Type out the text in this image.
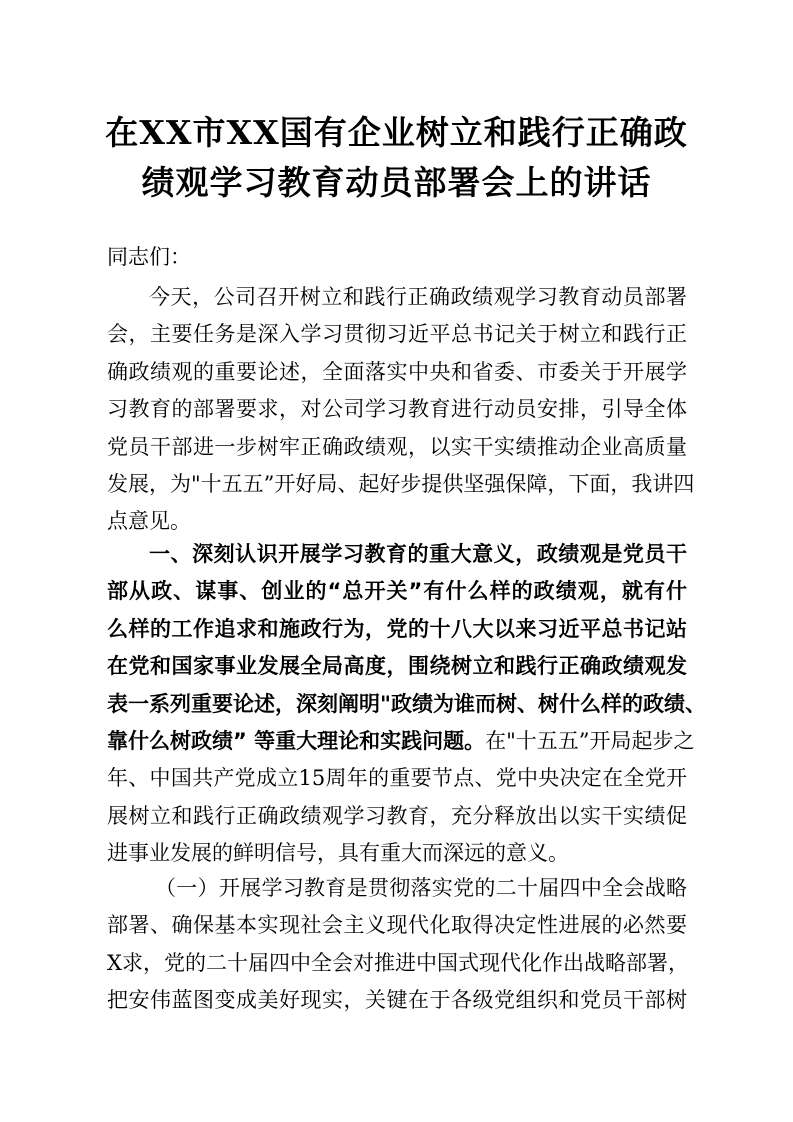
在XX市XX国有企业树立和践行正确政
绩观学习教育动员部署会上的讲话
同志们：
今天，公司召开树立和践行正确政绩观学习教育动员部署
会，主要任务是深入学习贯彻习近平总书记关于树立和践行正
确政绩观的重要论述，全面落实中央和省委、市委关于开展学
习教育的部署要求，对公司学习教育进行动员安排，引导全体
党员干部进一步树牢正确政绩观，以实干实绩推动企业高质量
发展，为"十五五”开好局、起好步提供坚强保障，下面，我讲四
点意见。
一、深刻认识开展学习教育的重大意义，政绩观是党员干
部从政、谋事、创业的“总开关”有什么样的政绩观，就有什
么样的工作追求和施政行为，党的十八大以来习近平总书记站
在党和国家事业发展全局高度，围绕树立和践行正确政绩观发
表一系列重要论述，深刻阐明"政绩为谁而树、树什么样的政绩、
靠什么树政绩” 等重大理论和实践问题。在"十五五”开局起步之
年、中国共产党成立15周年的重要节点、党中央决定在全党开
展树立和践行正确政绩观学习教育，充分释放出以实干实绩促
进事业发展的鲜明信号，具有重大而深远的意义。
（一）开展学习教育是贯彻落实党的二十届四中全会战略
部署、确保基本实现社会主义现代化取得决定性进展的必然要
X求，党的二十届四中全会对推进中国式现代化作出战略部署，
把安伟蓝图变成美好现实，关键在于各级党组织和党员干部树
